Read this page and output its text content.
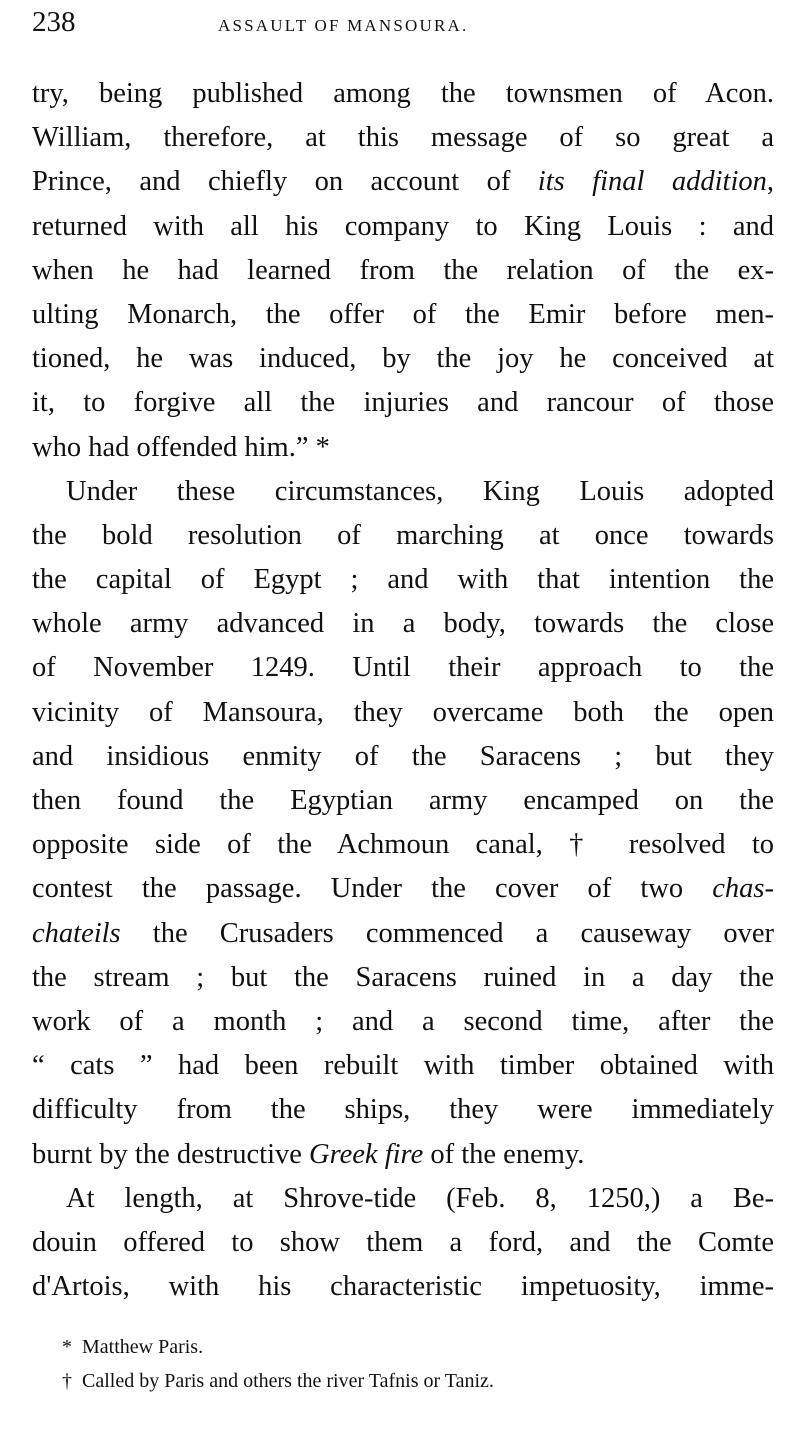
238	ASSAULT OF MANSOURA.
try, being published among the townsmen of Acon.
William, therefore, at this message of so great a
Prince, and chiefly on account of its final addition,
returned with all his company to King Louis : and
when he had learned from the relation of the ex-
ulting Monarch, the offer of the Emir before men-
tioned, he was induced, by the joy he conceived at
it, to forgive all the injuries and rancour of those
who had offended him.” *
Under these circumstances, King Louis adopted
the bold resolution of marching at once towards
the capital of Egypt ; and with that intention the
whole army advanced in a body, towards the close
of November 1249. Until their approach to the
vicinity of Mansoura, they overcame both the open
and insidious enmity of the Saracens ; but they
then found the Egyptian army encamped on the
opposite side of the Achmoun canal, † resolved to
contest the passage. Under the cover of two chas-
chateils the Crusaders commenced a causeway over
the stream ; but the Saracens ruined in a day the
work of a month ; and a second time, after the
“ cats ” had been rebuilt with timber obtained with
difficulty from the ships, they were immediately
burnt by the destructive Greek fire of the enemy.
At length, at Shrove-tide (Feb. 8, 1250,) a Be-
douin offered to show them a ford, and the Comte
d'Artois, with his characteristic impetuosity, imme-
* Matthew Paris.
† Called by Paris and others the river Tafnis or Taniz.
